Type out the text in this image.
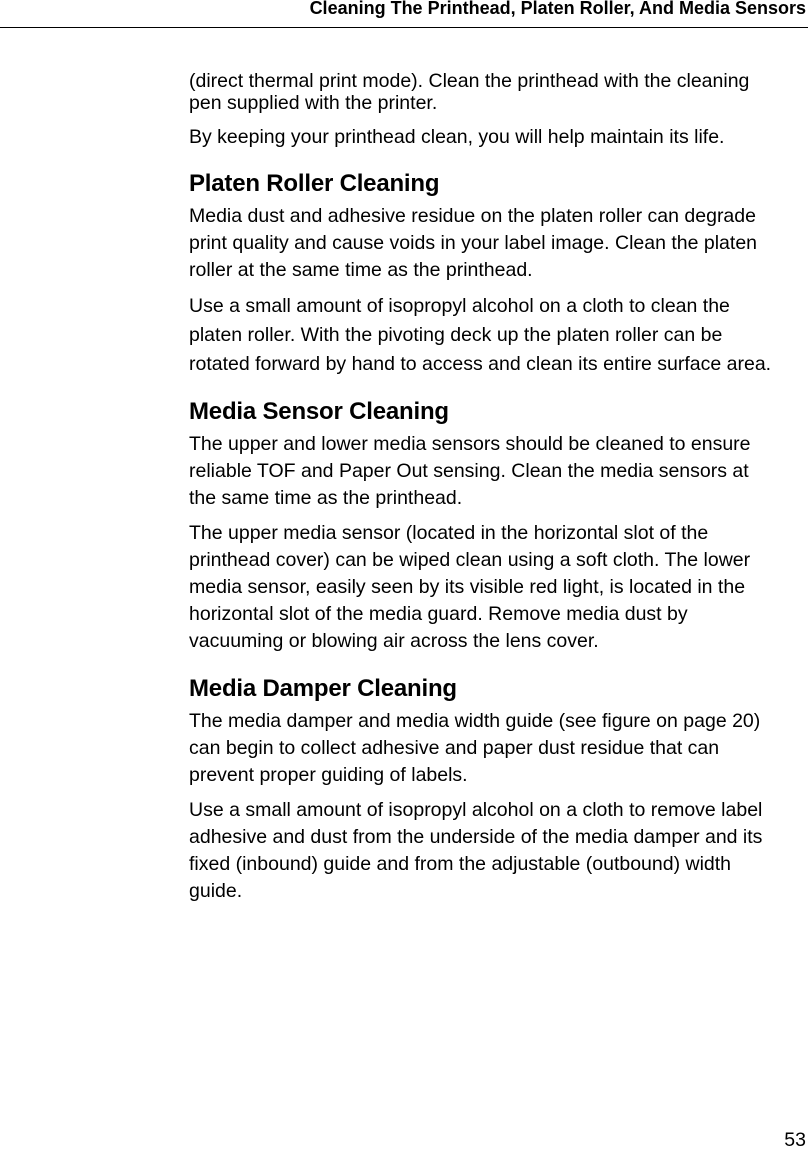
Cleaning The Printhead, Platen Roller, And Media Sensors

(direct thermal print mode). Clean the printhead with the cleaning
pen supplied with the printer.

By keeping your printhead clean, you will help maintain its life.

Platen Roller Cleaning

Media dust and adhesive residue on the platen roller can degrade
print quality and cause voids in your label image. Clean the platen
roller at the same time as the printhead.

Use a small amount of isopropyl alcohol on a cloth to clean the
platen roller. With the pivoting deck up the platen roller can be
rotated forward by hand to access and clean its entire surface area.

Media Sensor Cleaning

The upper and lower media sensors should be cleaned to ensure
reliable TOF and Paper Out sensing. Clean the media sensors at
the same time as the printhead.

The upper media sensor (located in the horizontal slot of the
printhead cover) can be wiped clean using a soft cloth. The lower
media sensor, easily seen by its visible red light, is located in the
horizontal slot of the media guard. Remove media dust by
vacuuming or blowing air across the lens cover.

Media Damper Cleaning

The media damper and media width guide (see figure on page 20)
can begin to collect adhesive and paper dust residue that can
prevent proper guiding of labels.

Use a small amount of isopropyl alcohol on a cloth to remove label
adhesive and dust from the underside of the media damper and its
fixed (inbound) guide and from the adjustable (outbound) width
guide.

53
